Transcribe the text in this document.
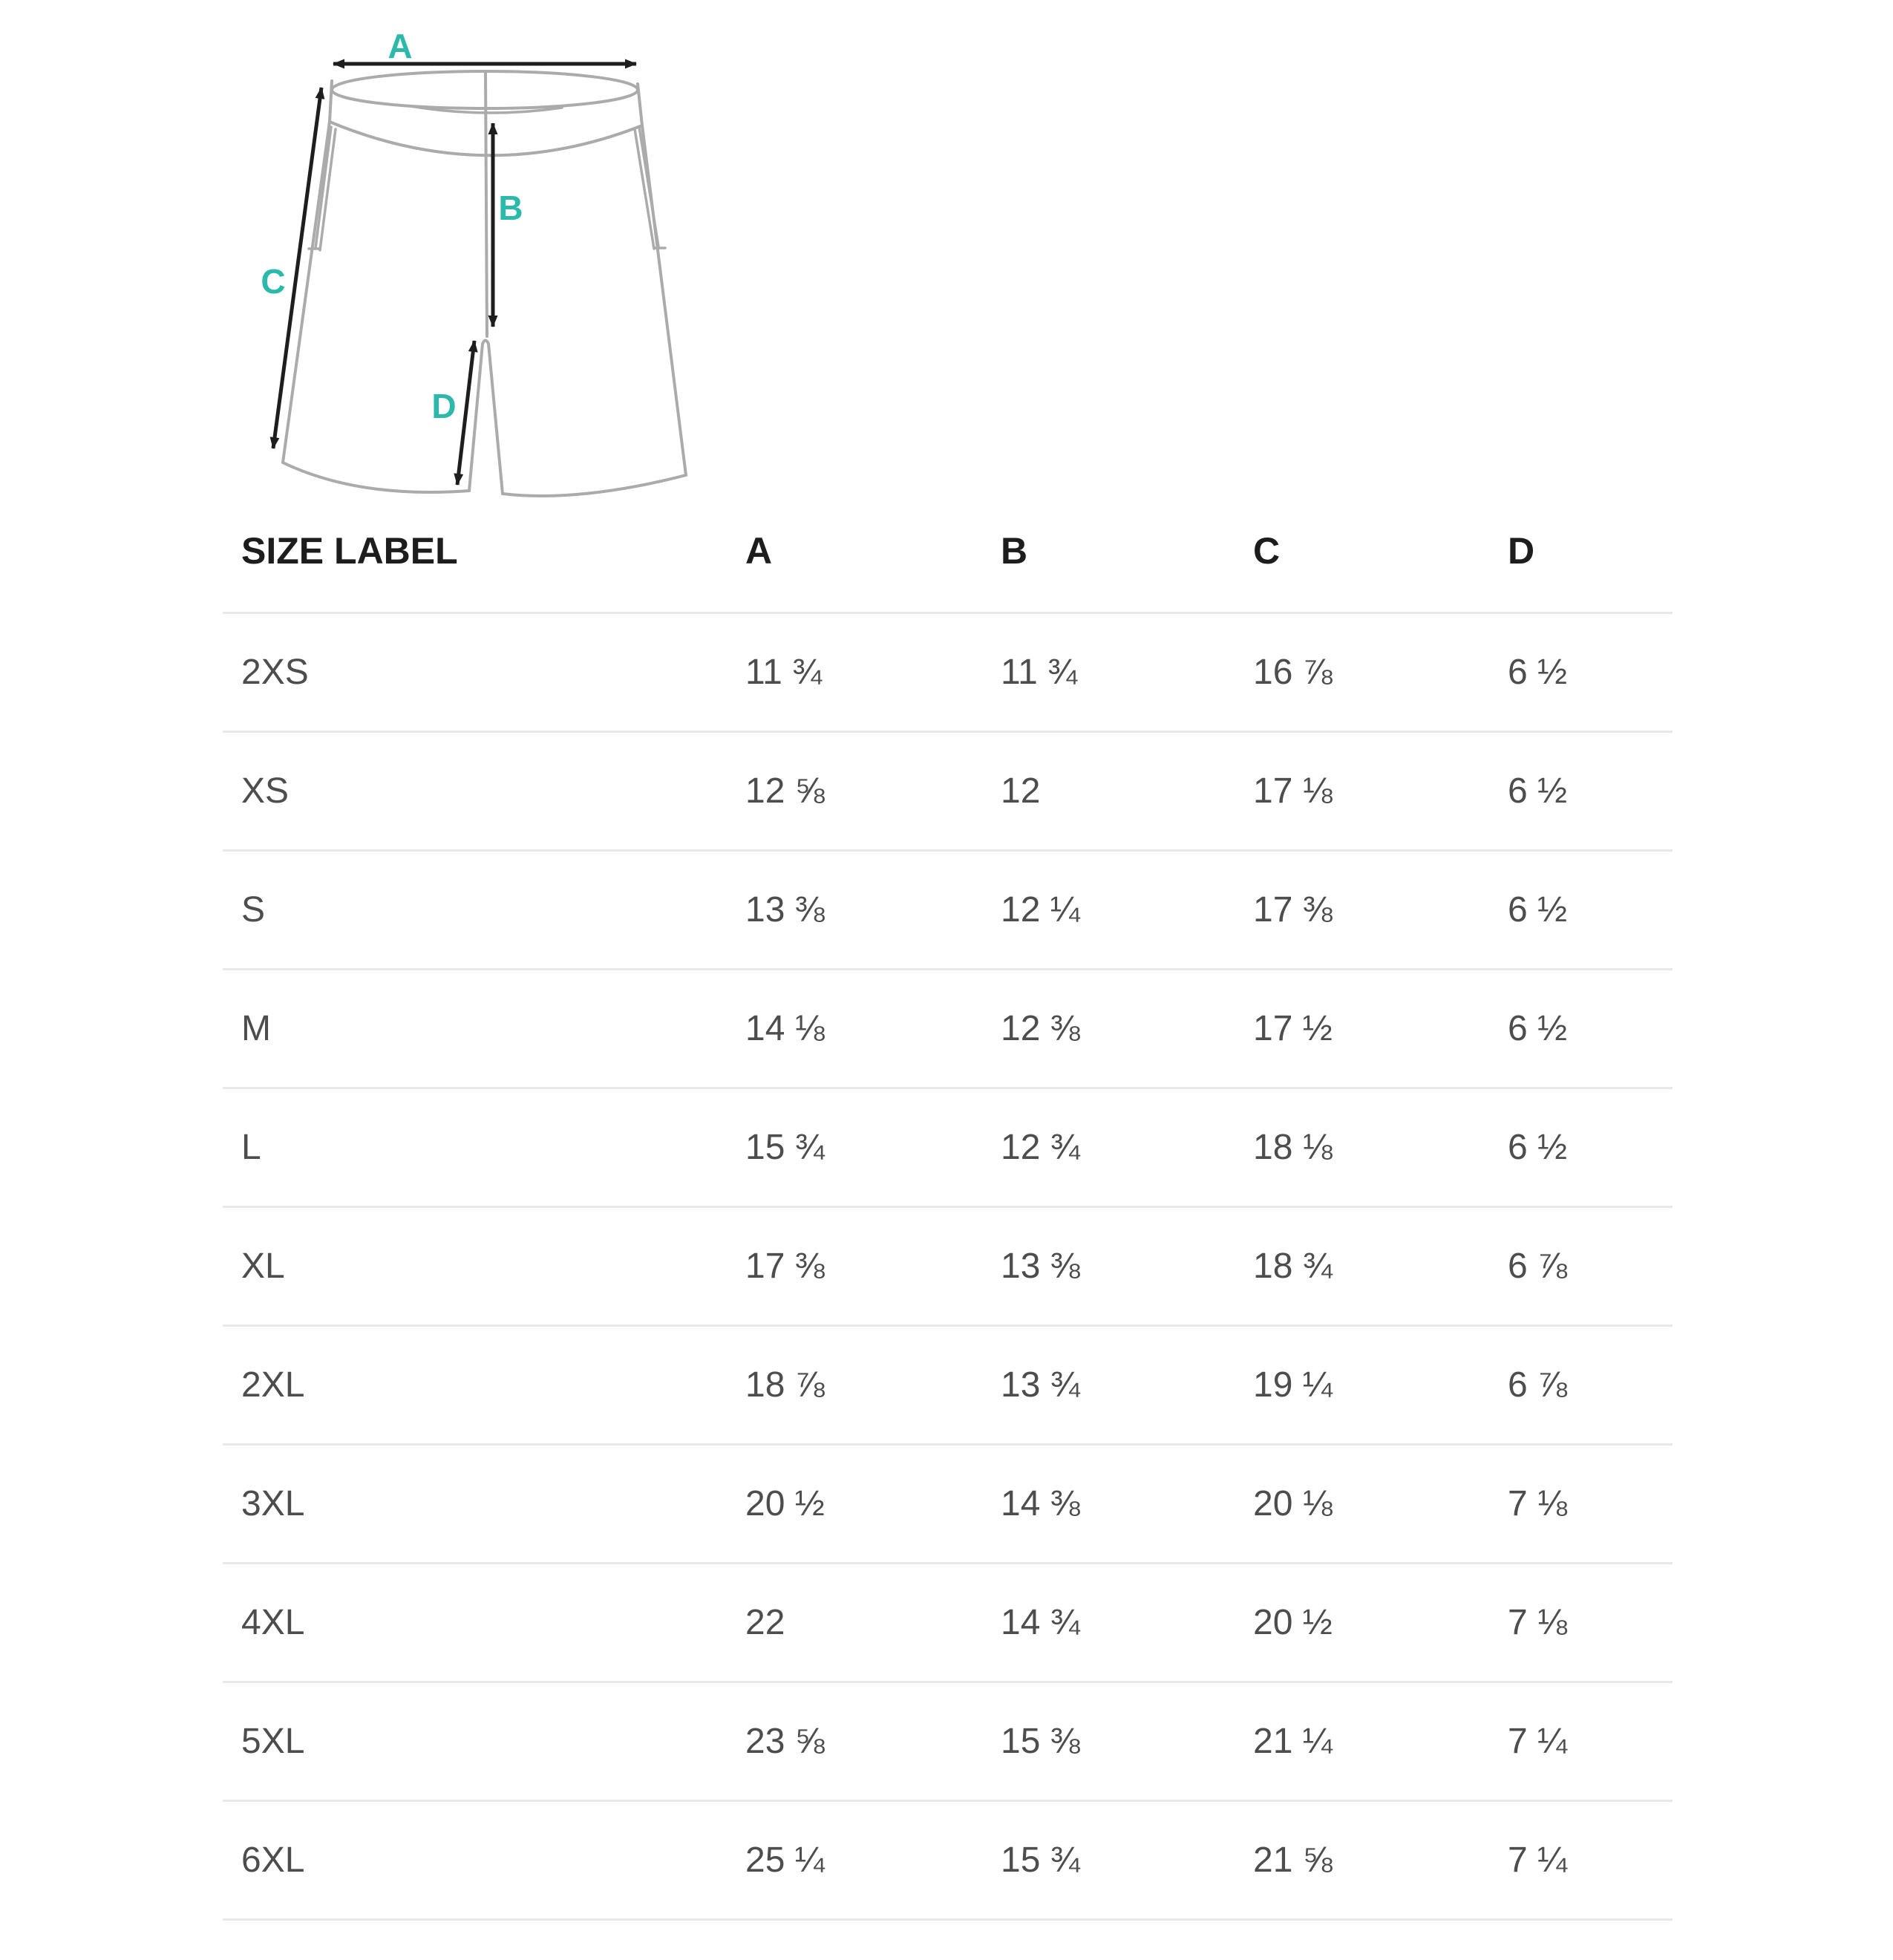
A
B
C
D
SIZE LABEL	A	B	C	D
2XS	11 ¾	11 ¾	16 ⅞	6 ½
XS	12 ⅝	12	17 ⅛	6 ½
S	13 ⅜	12 ¼	17 ⅜	6 ½
M	14 ⅛	12 ⅜	17 ½	6 ½
L	15 ¾	12 ¾	18 ⅛	6 ½
XL	17 ⅜	13 ⅜	18 ¾	6 ⅞
2XL	18 ⅞	13 ¾	19 ¼	6 ⅞
3XL	20 ½	14 ⅜	20 ⅛	7 ⅛
4XL	22	14 ¾	20 ½	7 ⅛
5XL	23 ⅝	15 ⅜	21 ¼	7 ¼
6XL	25 ¼	15 ¾	21 ⅝	7 ¼
